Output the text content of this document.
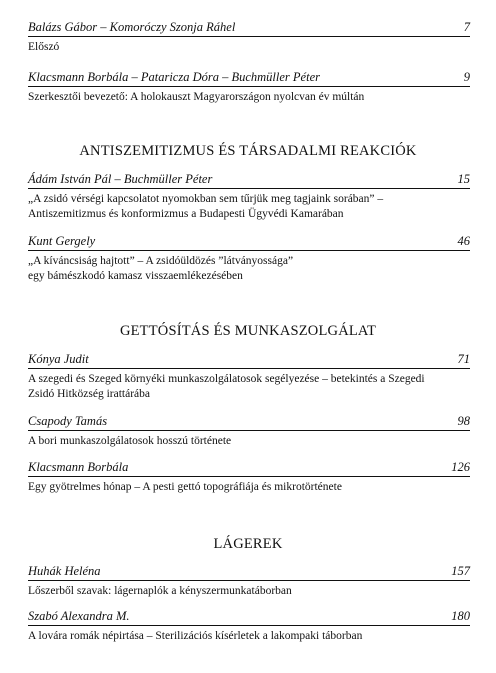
Balázs Gábor – Komoróczy Szonja Ráhel	7
Előszó
Klacsmann Borbála – Pataricza Dóra – Buchmüller Péter	9
Szerkesztői bevezető: A holokauszt Magyarországon nyolcvan év múltán
ANTISZEMITIZMUS ÉS TÁRSADALMI REAKCIÓK
Ádám István Pál – Buchmüller Péter	15
„A zsidó vérségi kapcsolatot nyomokban sem tűrjük meg tagjaink sorában” –
Antiszemitizmus és konformizmus a Budapesti Ügyvédi Kamarában
Kunt Gergely	46
„A kíváncsiság hajtott” – A zsidóüldözés ”látványossága”
egy bámészkodó kamasz visszaemlékezésében
GETTÓSÍTÁS ÉS MUNKASZOLGÁLAT
Kónya Judit	71
A szegedi és Szeged környéki munkaszolgálatosok segélyezése – betekintés a Szegedi
Zsidó Hitközség irattárába
Csapody Tamás	98
A bori munkaszolgálatosok hosszú története
Klacsmann Borbála	126
Egy gyötrelmes hónap – A pesti gettó topográfiája és mikrotörténete
LÁGEREK
Huhák Heléna	157
Lőszerből szavak: lágernaplók a kényszermunkatáborban
Szabó Alexandra M.	180
A lovára romák népirtása – Sterilizációs kísérletek a lakompaki táborban
